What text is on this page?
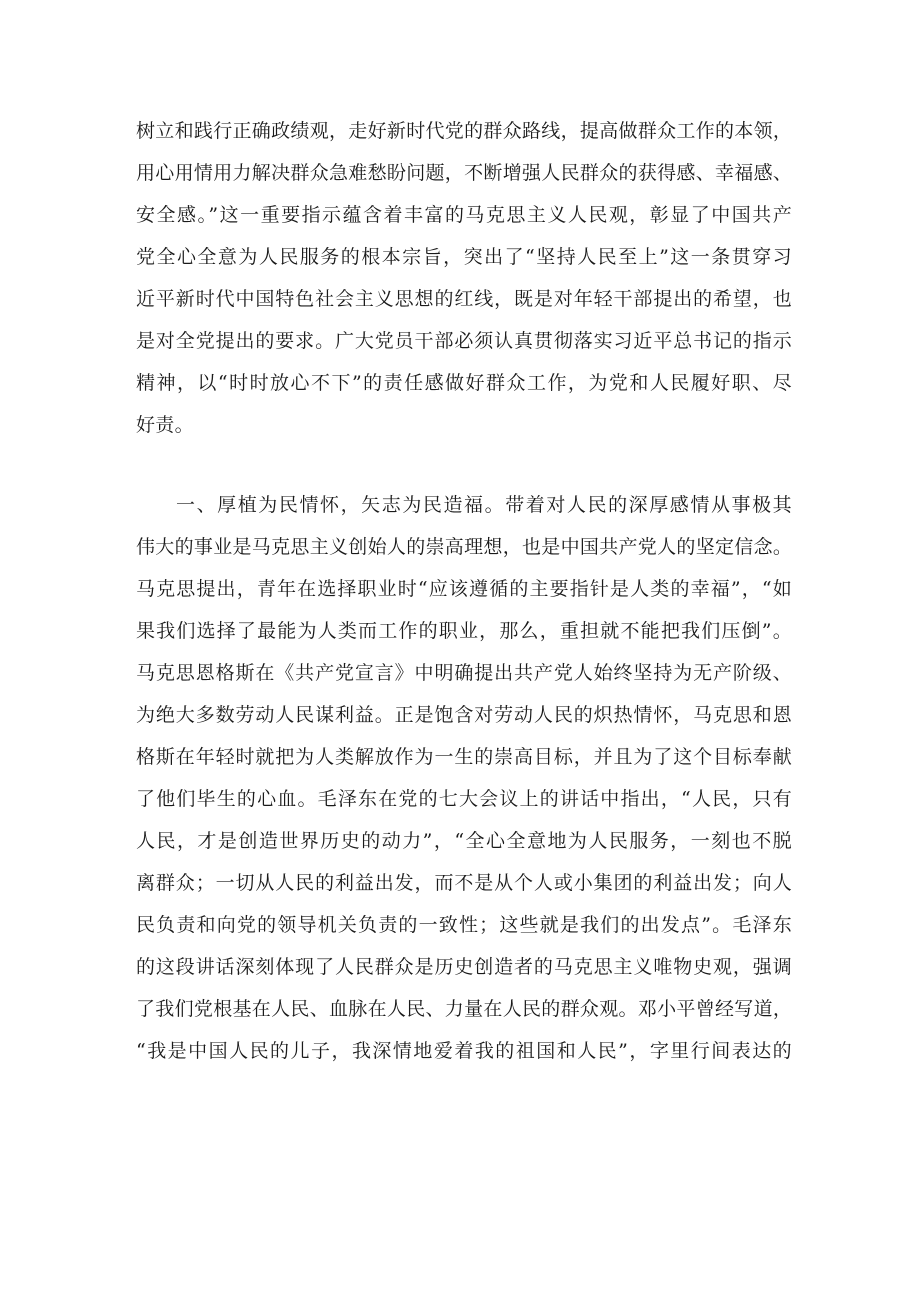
树立和践行正确政绩观，走好新时代党的群众路线，提高做群众工作的本领，
用心用情用力解决群众急难愁盼问题，不断增强人民群众的获得感、幸福感、
安全感。”这一重要指示蕴含着丰富的马克思主义人民观，彰显了中国共产
党全心全意为人民服务的根本宗旨，突出了“坚持人民至上”这一条贯穿习
近平新时代中国特色社会主义思想的红线，既是对年轻干部提出的希望，也
是对全党提出的要求。广大党员干部必须认真贯彻落实习近平总书记的指示
精神，以“时时放心不下”的责任感做好群众工作，为党和人民履好职、尽
好责。
一、厚植为民情怀，矢志为民造福。带着对人民的深厚感情从事极其
伟大的事业是马克思主义创始人的崇高理想，也是中国共产党人的坚定信念。
马克思提出，青年在选择职业时“应该遵循的主要指针是人类的幸福”，“如
果我们选择了最能为人类而工作的职业，那么，重担就不能把我们压倒”。
马克思恩格斯在《共产党宣言》中明确提出共产党人始终坚持为无产阶级、
为绝大多数劳动人民谋利益。正是饱含对劳动人民的炽热情怀，马克思和恩
格斯在年轻时就把为人类解放作为一生的崇高目标，并且为了这个目标奉献
了他们毕生的心血。毛泽东在党的七大会议上的讲话中指出，“人民，只有
人民，才是创造世界历史的动力”，“全心全意地为人民服务，一刻也不脱
离群众；一切从人民的利益出发，而不是从个人或小集团的利益出发；向人
民负责和向党的领导机关负责的一致性；这些就是我们的出发点”。毛泽东
的这段讲话深刻体现了人民群众是历史创造者的马克思主义唯物史观，强调
了我们党根基在人民、血脉在人民、力量在人民的群众观。邓小平曾经写道，
“我是中国人民的儿子，我深情地爱着我的祖国和人民”，字里行间表达的
